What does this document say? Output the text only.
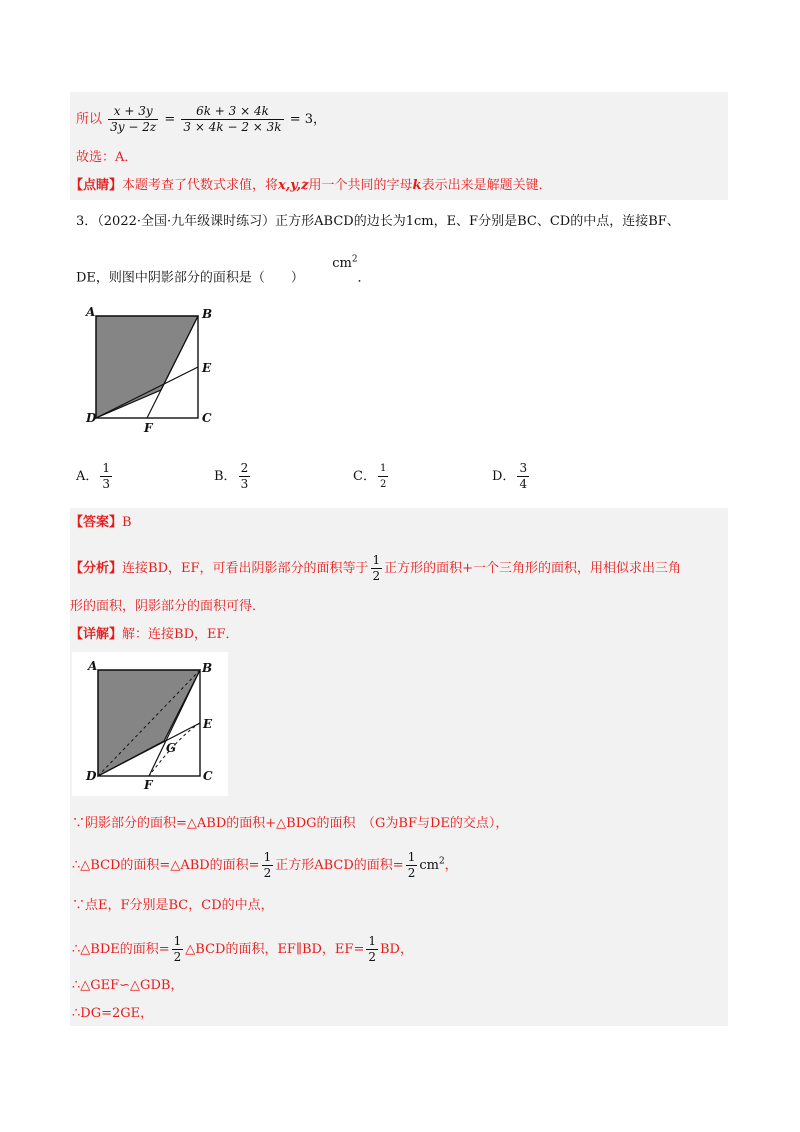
所以 $\frac{x + 3y}{3y - 2z} = \frac{6k + 3 \times 4k}{3 \times 4k - 2 \times 3k} = 3$，
故选：A．
【点睛】本题考查了代数式求值，将x,y,z用一个共同的字母k表示出来是解题关键．
3．（2022·全国·九年级课时练习）正方形ABCD的边长为1cm，E、F分别是BC、CD的中点，连接BF、
DE，则图中阴影部分的面积是（　　）  $cm^2$．
A	B
E
D	C
F
A． $\frac{1}{3}$	B． $\frac{2}{3}$	C． $\frac{1}{2}$	D． $\frac{3}{4}$
【答案】B
【分析】连接BD，EF，可看出阴影部分的面积等于 $\frac{1}{2}$ 正方形的面积+一个三角形的面积，用相似求出三角
形的面积，阴影部分的面积可得．
【详解】解：连接BD，EF．
A	B
E
G
D	C
F
∵阴影部分的面积=△ABD的面积+△BDG的面积　（G为BF与DE的交点），
∴△BCD的面积=△ABD的面积= $\frac{1}{2}$ 正方形ABCD的面积= $\frac{1}{2} cm^2$，
∵点E，F分别是BC，CD的中点，
∴△BDE的面积= $\frac{1}{2}$ △BCD的面积，EF∥BD，$EF= \frac{1}{2}$ BD，
∴△GEF∽△GDB，
∴DG=2GE，
